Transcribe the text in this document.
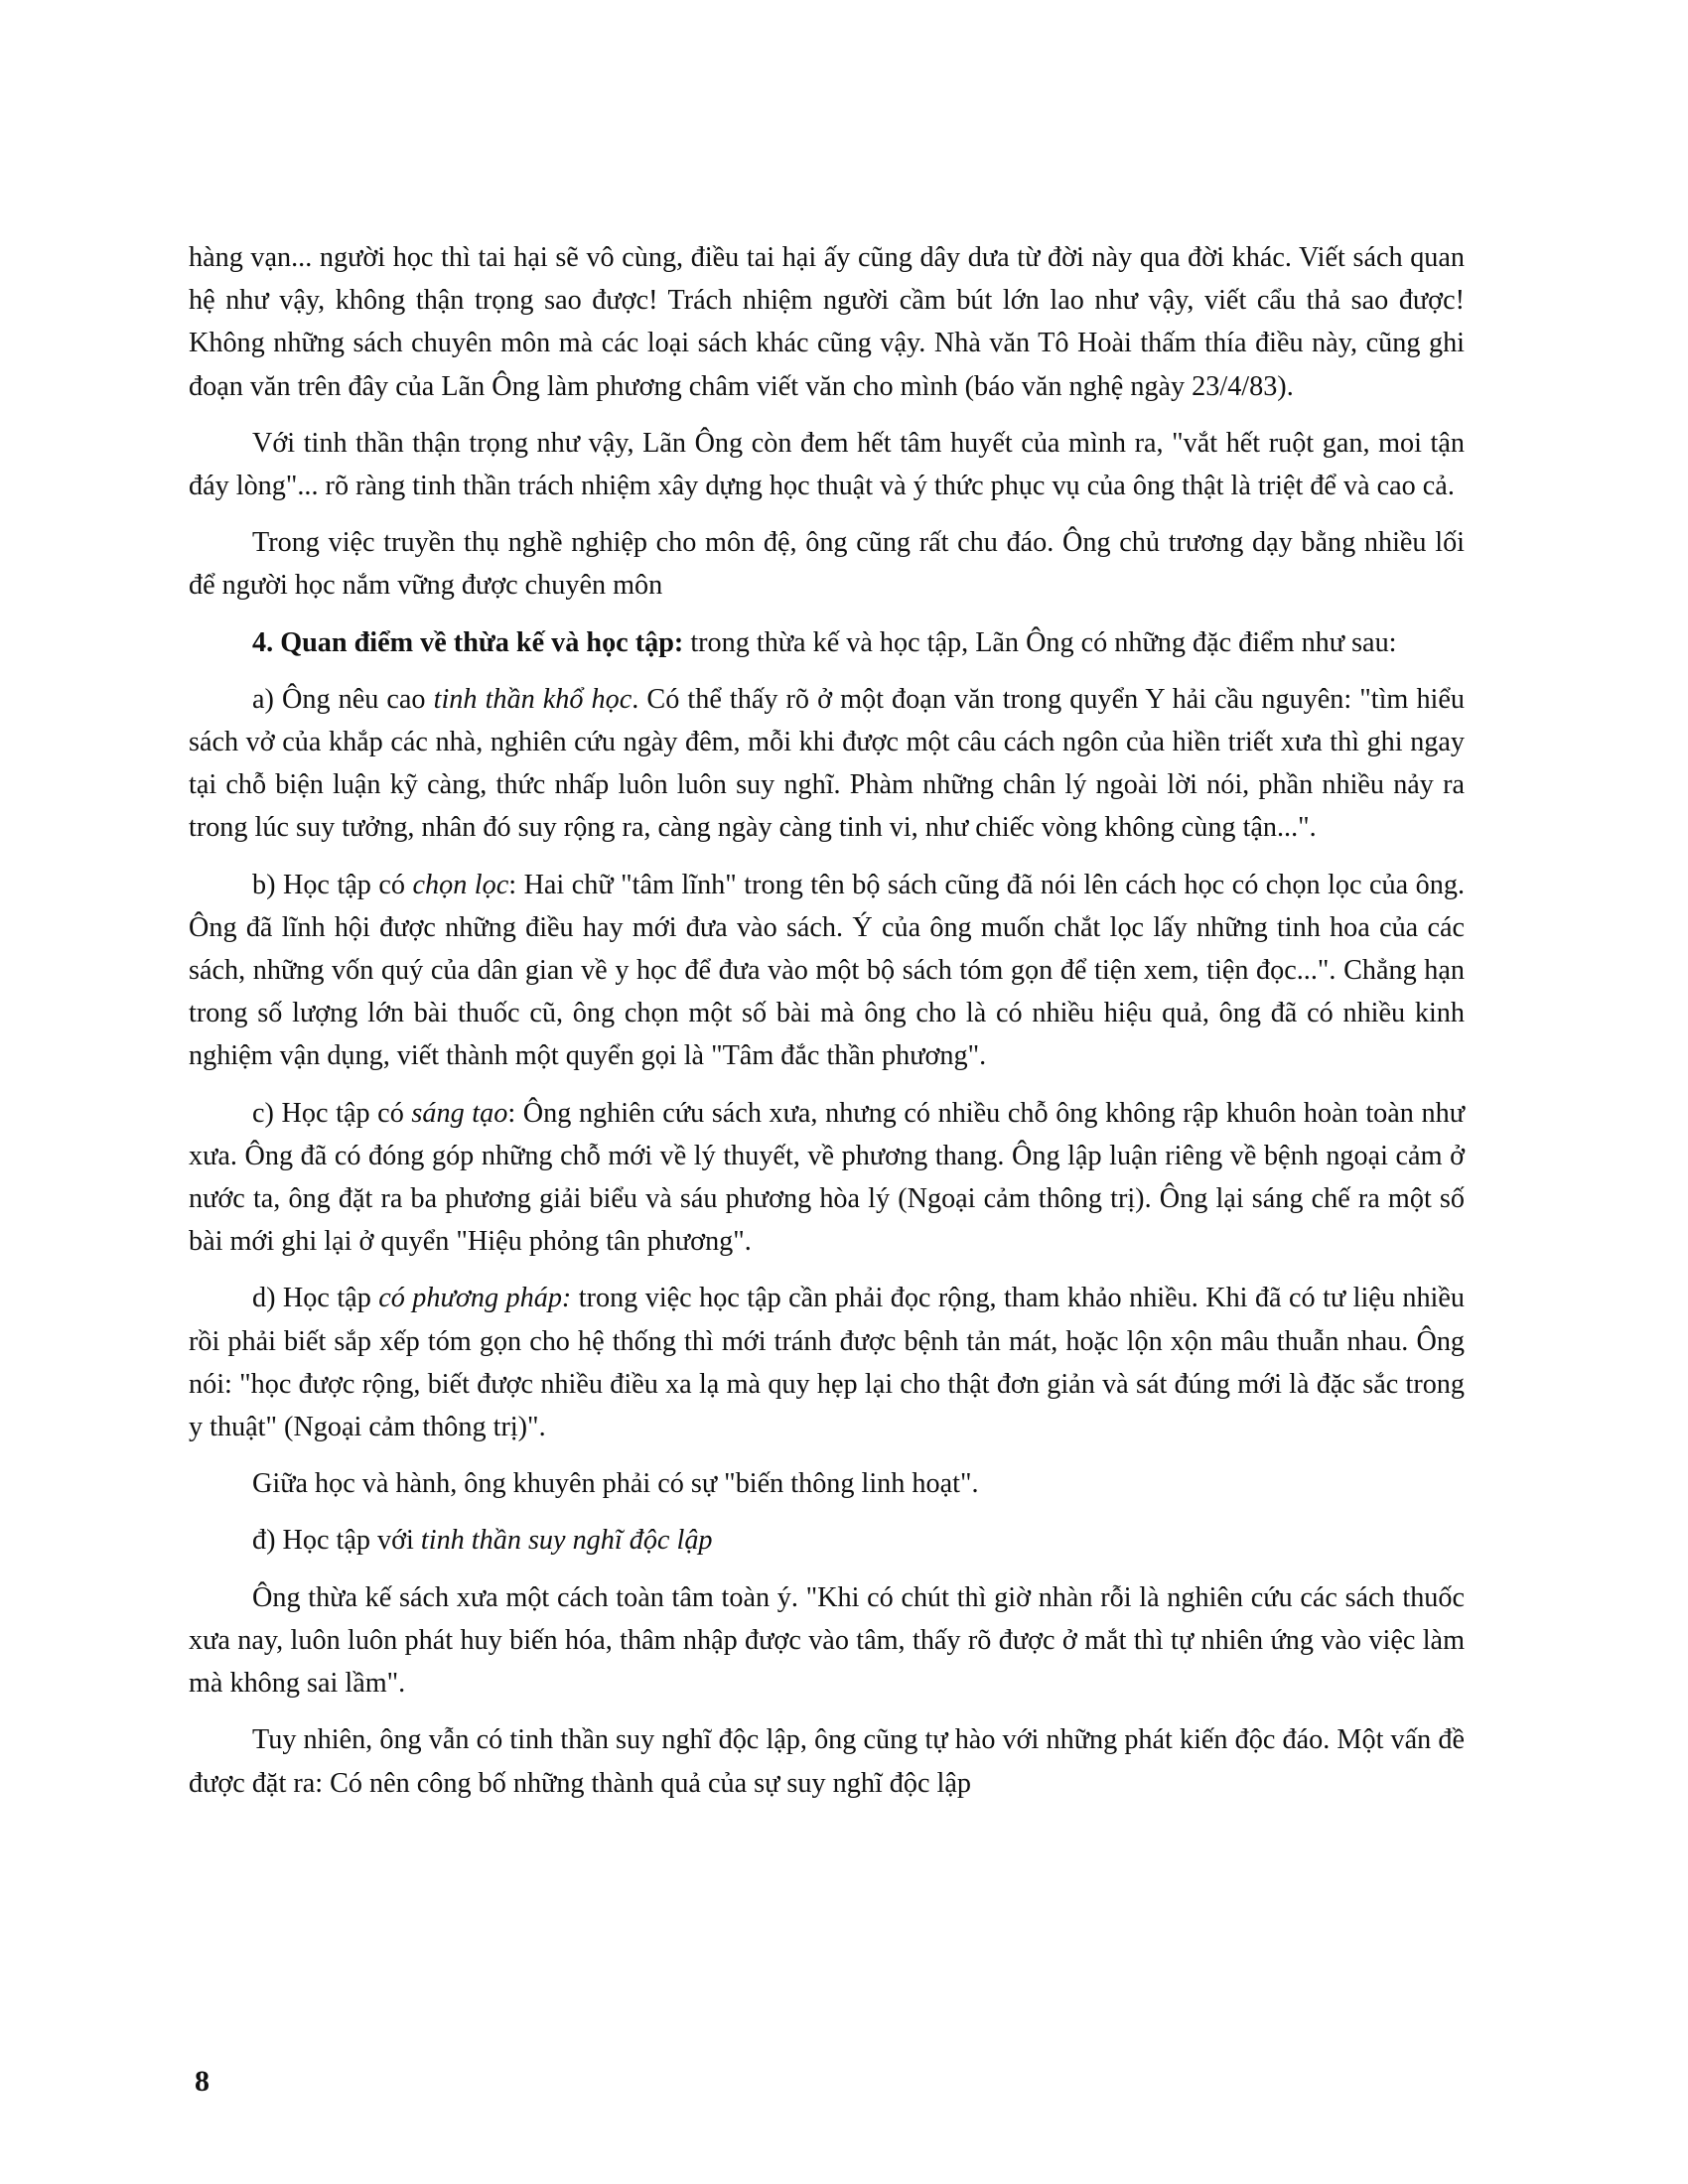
hàng vạn... người học thì tai hại sẽ vô cùng, điều tai hại ấy cũng dây dưa từ đời này qua đời khác. Viết sách quan hệ như vậy, không thận trọng sao được! Trách nhiệm người cầm bút lớn lao như vậy, viết cẩu thả sao được! Không những sách chuyên môn mà các loại sách khác cũng vậy. Nhà văn Tô Hoài thấm thía điều này, cũng ghi đoạn văn trên đây của Lãn Ông làm phương châm viết văn cho mình (báo văn nghệ ngày 23/4/83).

Với tinh thần thận trọng như vậy, Lãn Ông còn đem hết tâm huyết của mình ra, "vắt hết ruột gan, moi tận đáy lòng"... rõ ràng tinh thần trách nhiệm xây dựng học thuật và ý thức phục vụ của ông thật là triệt để và cao cả.

Trong việc truyền thụ nghề nghiệp cho môn đệ, ông cũng rất chu đáo. Ông chủ trương dạy bằng nhiều lối để người học nắm vững được chuyên môn

4. Quan điểm về thừa kế và học tập: trong thừa kế và học tập, Lãn Ông có những đặc điểm như sau:

a) Ông nêu cao tinh thần khổ học. Có thể thấy rõ ở một đoạn văn trong quyển Y hải cầu nguyên: "tìm hiểu sách vở của khắp các nhà, nghiên cứu ngày đêm, mỗi khi được một câu cách ngôn của hiền triết xưa thì ghi ngay tại chỗ biện luận kỹ càng, thức nhấp luôn luôn suy nghĩ. Phàm những chân lý ngoài lời nói, phần nhiều nảy ra trong lúc suy tưởng, nhân đó suy rộng ra, càng ngày càng tinh vi, như chiếc vòng không cùng tận...".

b) Học tập có chọn lọc: Hai chữ "tâm lĩnh" trong tên bộ sách cũng đã nói lên cách học có chọn lọc của ông. Ông đã lĩnh hội được những điều hay mới đưa vào sách. Ý của ông muốn chắt lọc lấy những tinh hoa của các sách, những vốn quý của dân gian về y học để đưa vào một bộ sách tóm gọn để tiện xem, tiện đọc...". Chẳng hạn trong số lượng lớn bài thuốc cũ, ông chọn một số bài mà ông cho là có nhiều hiệu quả, ông đã có nhiều kinh nghiệm vận dụng, viết thành một quyển gọi là "Tâm đắc thần phương".

c) Học tập có sáng tạo: Ông nghiên cứu sách xưa, nhưng có nhiều chỗ ông không rập khuôn hoàn toàn như xưa. Ông đã có đóng góp những chỗ mới về lý thuyết, về phương thang. Ông lập luận riêng về bệnh ngoại cảm ở nước ta, ông đặt ra ba phương giải biểu và sáu phương hòa lý (Ngoại cảm thông trị). Ông lại sáng chế ra một số bài mới ghi lại ở quyển "Hiệu phỏng tân phương".

d) Học tập có phương pháp: trong việc học tập cần phải đọc rộng, tham khảo nhiều. Khi đã có tư liệu nhiều rồi phải biết sắp xếp tóm gọn cho hệ thống thì mới tránh được bệnh tản mát, hoặc lộn xộn mâu thuẫn nhau. Ông nói: "học được rộng, biết được nhiều điều xa lạ mà quy hẹp lại cho thật đơn giản và sát đúng mới là đặc sắc trong y thuật" (Ngoại cảm thông trị)".

Giữa học và hành, ông khuyên phải có sự "biến thông linh hoạt".

đ) Học tập với tinh thần suy nghĩ độc lập

Ông thừa kế sách xưa một cách toàn tâm toàn ý. "Khi có chút thì giờ nhàn rỗi là nghiên cứu các sách thuốc xưa nay, luôn luôn phát huy biến hóa, thâm nhập được vào tâm, thấy rõ được ở mắt thì tự nhiên ứng vào việc làm mà không sai lầm".

Tuy nhiên, ông vẫn có tinh thần suy nghĩ độc lập, ông cũng tự hào với những phát kiến độc đáo. Một vấn đề được đặt ra: Có nên công bố những thành quả của sự suy nghĩ độc lập

8
